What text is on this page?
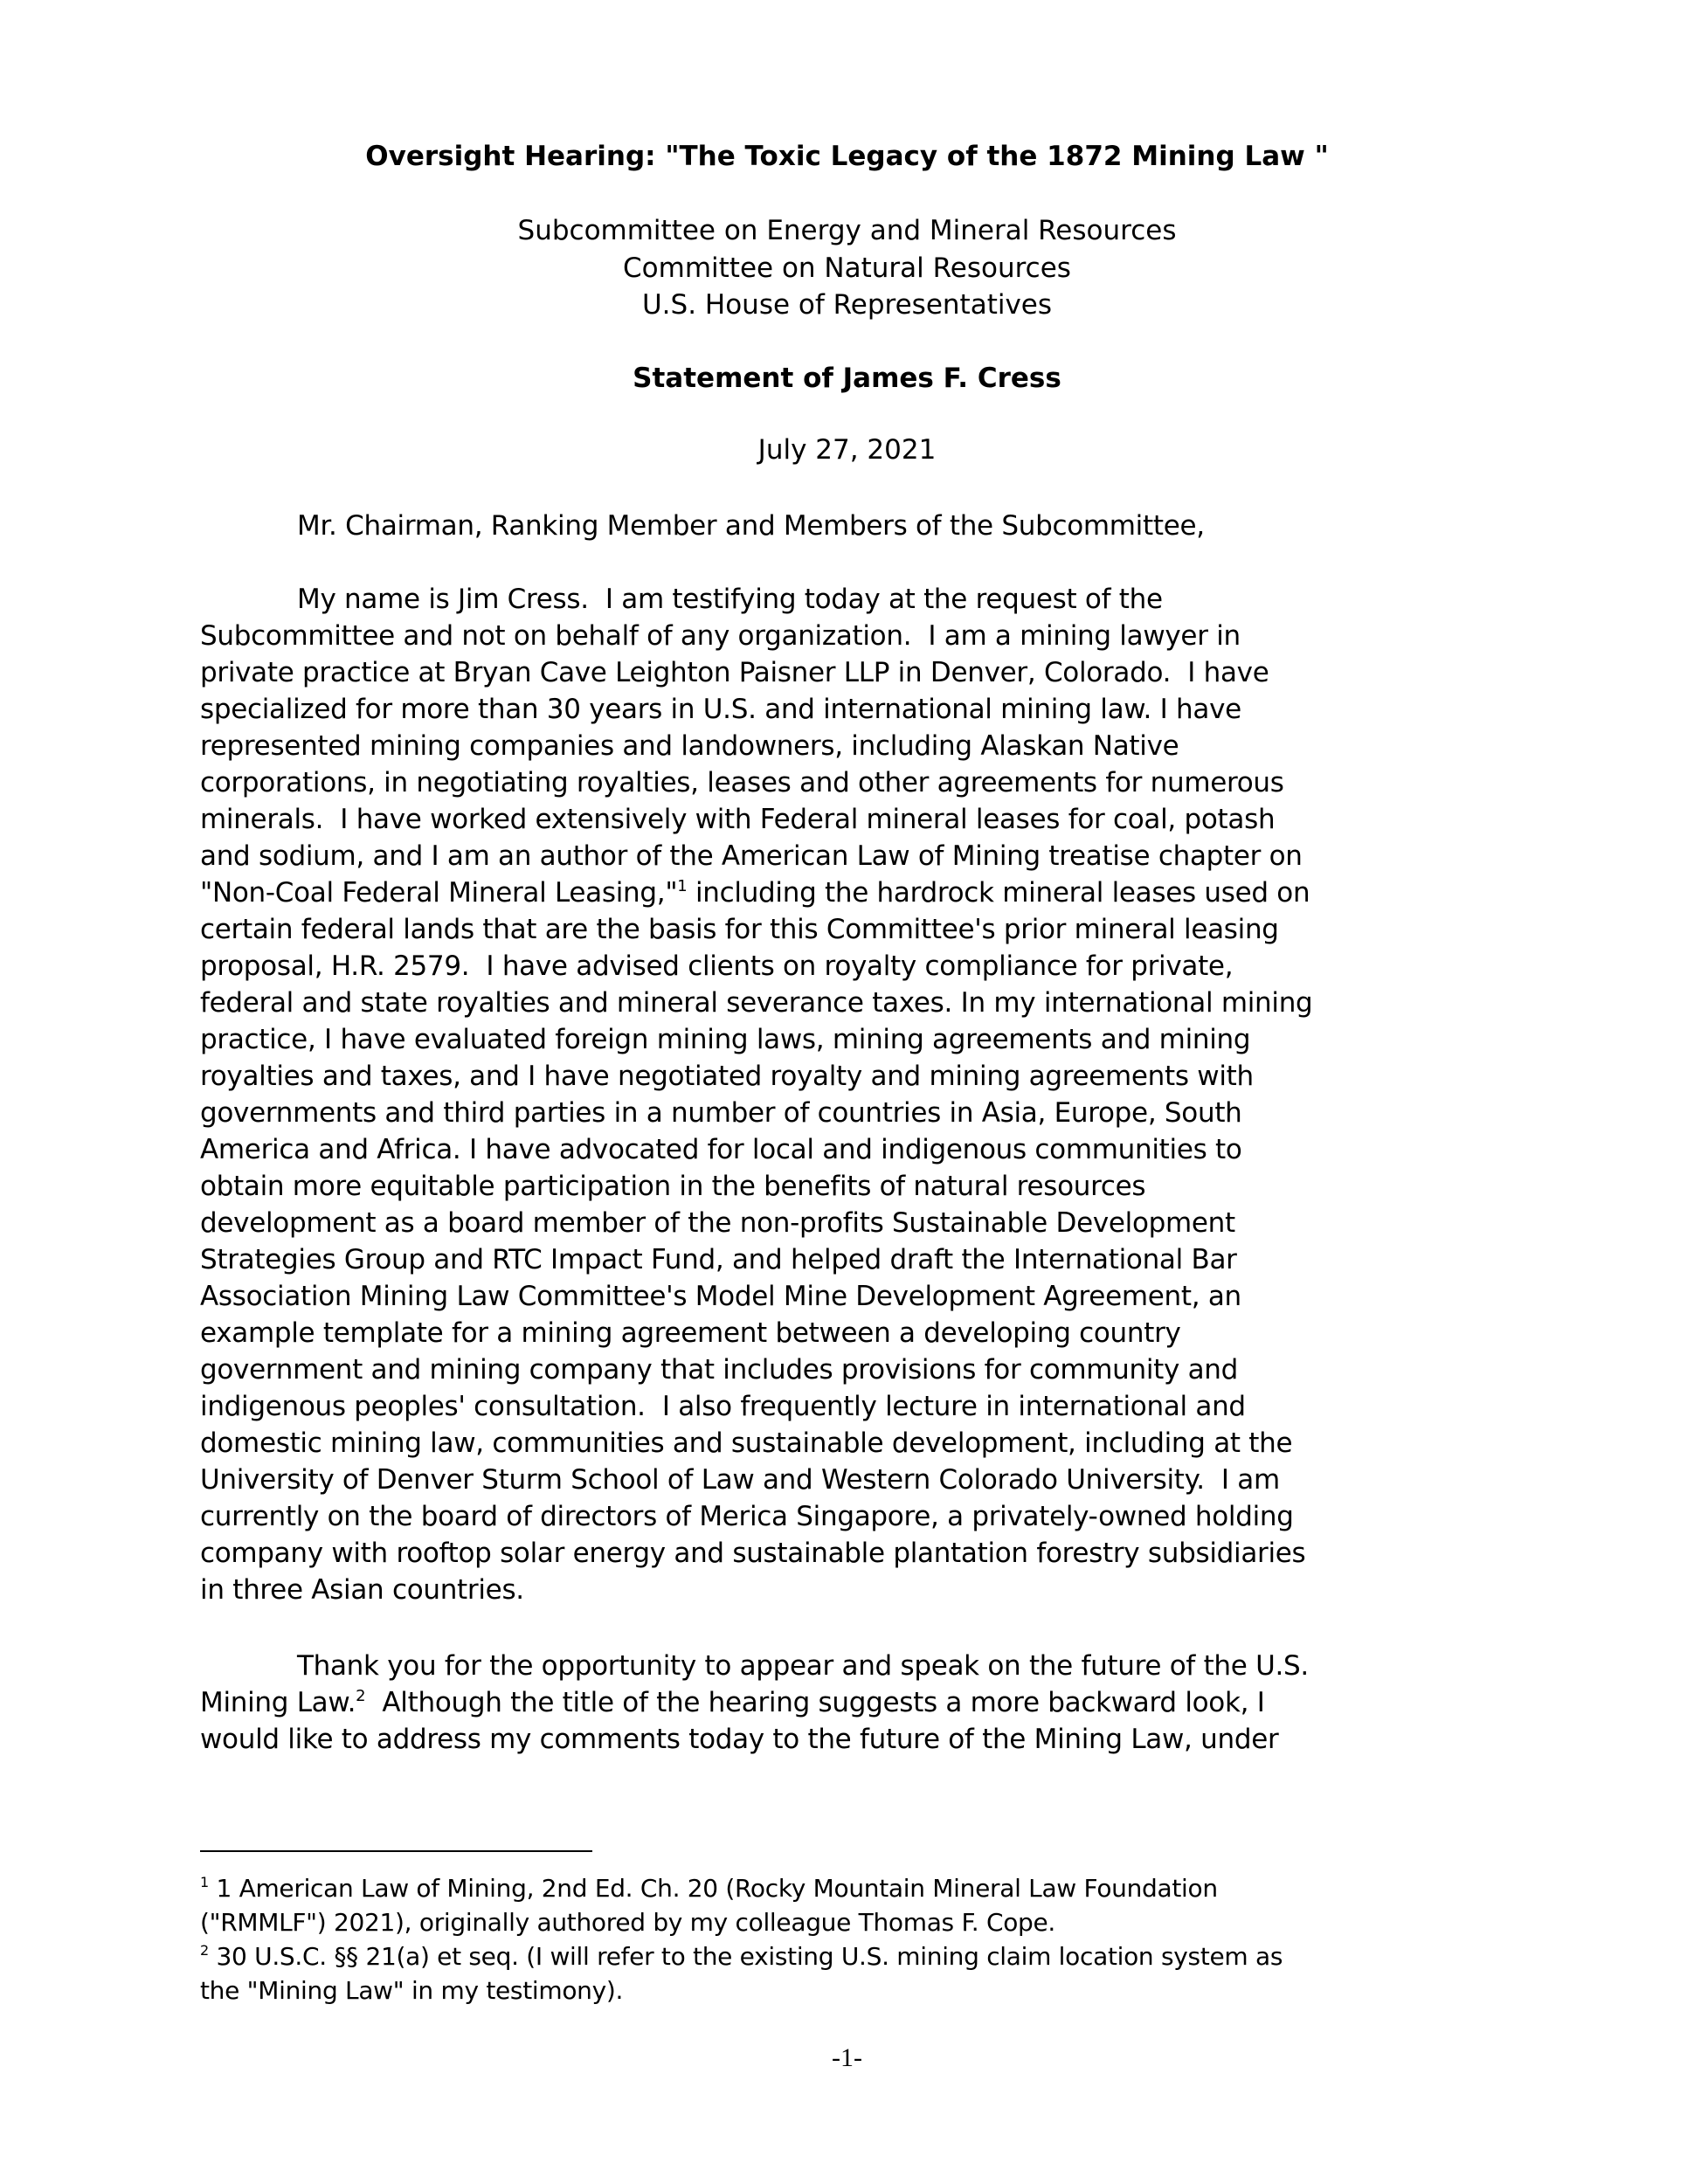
Oversight Hearing: "The Toxic Legacy of the 1872 Mining Law "
Subcommittee on Energy and Mineral Resources
Committee on Natural Resources
U.S. House of Representatives
Statement of James F. Cress
July 27, 2021
Mr. Chairman, Ranking Member and Members of the Subcommittee,
My name is Jim Cress.  I am testifying today at the request of the
Subcommittee and not on behalf of any organization.  I am a mining lawyer in
private practice at Bryan Cave Leighton Paisner LLP in Denver, Colorado.  I have
specialized for more than 30 years in U.S. and international mining law. I have
represented mining companies and landowners, including Alaskan Native
corporations, in negotiating royalties, leases and other agreements for numerous
minerals.  I have worked extensively with Federal mineral leases for coal, potash
and sodium, and I am an author of the American Law of Mining treatise chapter on
"Non-Coal Federal Mineral Leasing,"$^1$ including the hardrock mineral leases used on
certain federal lands that are the basis for this Committee's prior mineral leasing
proposal, H.R. 2579.  I have advised clients on royalty compliance for private,
federal and state royalties and mineral severance taxes. In my international mining
practice, I have evaluated foreign mining laws, mining agreements and mining
royalties and taxes, and I have negotiated royalty and mining agreements with
governments and third parties in a number of countries in Asia, Europe, South
America and Africa. I have advocated for local and indigenous communities to
obtain more equitable participation in the benefits of natural resources
development as a board member of the non-profits Sustainable Development
Strategies Group and RTC Impact Fund, and helped draft the International Bar
Association Mining Law Committee's Model Mine Development Agreement, an
example template for a mining agreement between a developing country
government and mining company that includes provisions for community and
indigenous peoples' consultation.  I also frequently lecture in international and
domestic mining law, communities and sustainable development, including at the
University of Denver Sturm School of Law and Western Colorado University.  I am
currently on the board of directors of Merica Singapore, a privately-owned holding
company with rooftop solar energy and sustainable plantation forestry subsidiaries
in three Asian countries.
Thank you for the opportunity to appear and speak on the future of the U.S.
Mining Law.$^2$  Although the title of the hearing suggests a more backward look, I
would like to address my comments today to the future of the Mining Law, under
$^1$ 1 American Law of Mining, 2nd Ed. Ch. 20 (Rocky Mountain Mineral Law Foundation
("RMMLF") 2021), originally authored by my colleague Thomas F. Cope.
$^2$ 30 U.S.C. §§ 21(a) et seq. (I will refer to the existing U.S. mining claim location system as
the "Mining Law" in my testimony).
-1-
